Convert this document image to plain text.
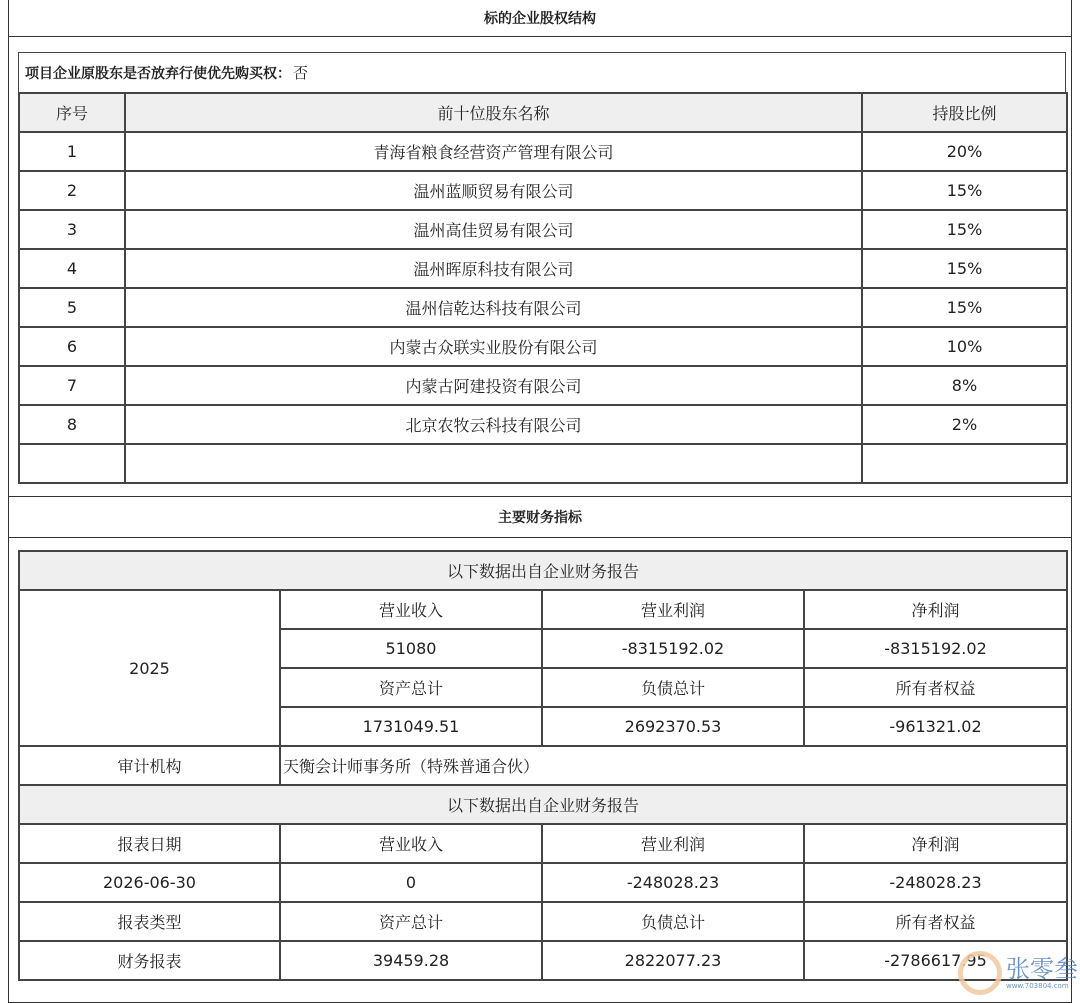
标的企业股权结构
项目企业原股东是否放弃行使优先购买权： 否
序号	前十位股东名称	持股比例
1	青海省粮食经营资产管理有限公司	20%
2	温州蓝顺贸易有限公司	15%
3	温州高佳贸易有限公司	15%
4	温州晖原科技有限公司	15%
5	温州信乾达科技有限公司	15%
6	内蒙古众联实业股份有限公司	10%
7	内蒙古阿建投资有限公司	8%
8	北京农牧云科技有限公司	2%

主要财务指标
以下数据出自企业财务报告			
2025	营业收入	营业利润	净利润
	51080	-8315192.02	-8315192.02
	资产总计	负债总计	所有者权益
	1731049.51	2692370.53	-961321.02
审计机构	天衡会计师事务所（特殊普通合伙）		
以下数据出自企业财务报告			
报表日期	营业收入	营业利润	净利润
2026-06-30	0	-248028.23	-248028.23
报表类型	资产总计	负债总计	所有者权益
财务报表	39459.28	2822077.23	-2786617.95 张零叁
www.703804.com
